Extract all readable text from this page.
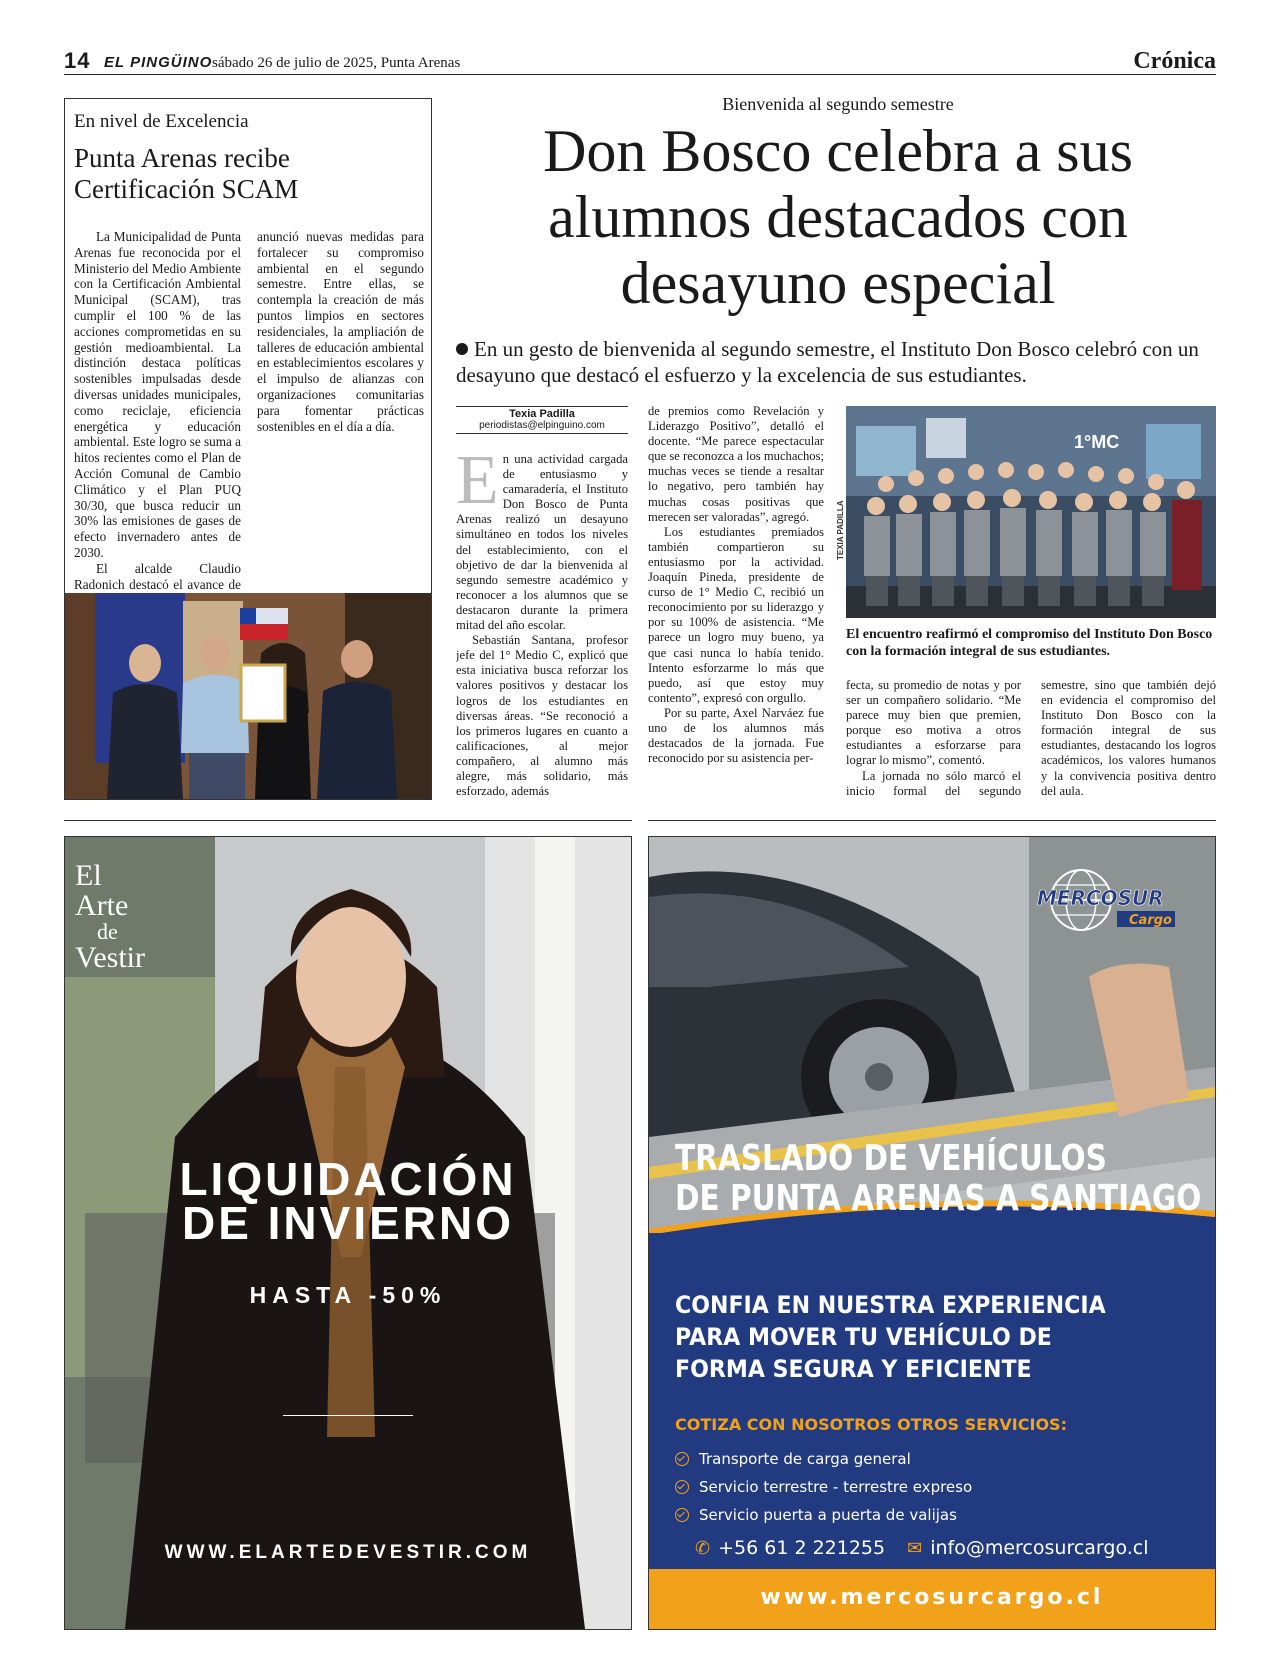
14 EL PINGÜINO sábado 26 de julio de 2025, Punta Arenas	Crónica
En nivel de Excelencia
Punta Arenas recibe Certificación SCAM

La Municipalidad de Punta Arenas fue reconocida por el Ministerio del Medio Ambiente con la Certificación Ambiental Municipal (SCAM), tras cumplir el 100 % de las acciones comprometidas en su gestión medioambiental. La distinción destaca políticas sostenibles impulsadas desde diversas unidades municipales, como reciclaje, eficiencia energética y educación ambiental. Este logro se suma a hitos recientes como el Plan de Acción Comunal de Cambio Climático y el Plan PUQ 30/30, que busca reducir un 30% las emisiones de gases de efecto invernadero antes de 2030.

El alcalde Claudio Radonich destacó el avance de

anunció nuevas medidas para fortalecer su compromiso ambiental en el segundo semestre. Entre ellas, se contempla la creación de más puntos limpios en sectores residenciales, la ampliación de talleres de educación ambiental en establecimientos escolares y el impulso de alianzas con organizaciones comunitarias para fomentar prácticas sostenibles en el día a día.

Bienvenida al segundo semestre
Don Bosco celebra a sus alumnos destacados con desayuno especial
En un gesto de bienvenida al segundo semestre, el Instituto Don Bosco celebró con un desayuno que destacó el esfuerzo y la excelencia de sus estudiantes.
Texia Padilla
periodistas@elpinguino.com

En una actividad cargada de entusiasmo y camaradería, el Instituto Don Bosco de Punta Arenas realizó un desayuno simultáneo en todos los niveles del establecimiento, con el objetivo de dar la bienvenida al segundo semestre académico y reconocer a los alumnos que se destacaron durante la primera mitad del año escolar.

Sebastián Santana, profesor jefe del 1° Medio C, explicó que esta iniciativa busca reforzar los valores positivos y destacar los logros de los estudiantes en diversas áreas. “Se reconoció a los primeros lugares en cuanto a calificaciones, al mejor compañero, al alumno más alegre, más solidario, más esforzado, además

de premios como Revelación y Liderazgo Positivo”, detalló el docente. “Me parece espectacular que se reconozca a los muchachos; muchas veces se tiende a resaltar lo negativo, pero también hay muchas cosas positivas que merecen ser valoradas”, agregó.

Los estudiantes premiados también compartieron su entusiasmo por la actividad. Joaquín Pineda, presidente de curso de 1° Medio C, recibió un reconocimiento por su liderazgo y por su 100% de asistencia. “Me parece un logro muy bueno, ya que casi nunca lo había tenido. Intento esforzarme lo más que puedo, así que estoy muy contento”, expresó con orgullo.

Por su parte, Axel Narváez fue uno de los alumnos más destacados de la jornada. Fue reconocido por su asistencia per-

1°MC
TEXIA PADILLA
El encuentro reafirmó el compromiso del Instituto Don Bosco con la formación integral de sus estudiantes.

fecta, su promedio de notas y por ser un compañero solidario. “Me parece muy bien que premien, porque eso motiva a otros estudiantes a esforzarse para lograr lo mismo”, comentó.

La jornada no sólo marcó el inicio formal del segundo semestre, sino que también dejó en evidencia el compromiso del Instituto Don Bosco con la formación integral de sus estudiantes, destacando los logros académicos, los valores humanos y la convivencia positiva dentro del aula.

El
Arte
de
Vestir
LIQUIDACIÓN
DE INVIERNO
HASTA -50%
WWW.ELARTEDEVESTIR.COM
MERCOSUR
Cargo
TRASLADO DE VEHÍCULOS
DE PUNTA ARENAS A SANTIAGO
CONFIA EN NUESTRA EXPERIENCIA
PARA MOVER TU VEHÍCULO DE
FORMA SEGURA Y EFICIENTE
COTIZA CON NOSOTROS OTROS SERVICIOS:
Transporte de carga general
Servicio terrestre - terrestre expreso
Servicio puerta a puerta de valijas
✆ +56 61 2 221255 ✉ info@mercosurcargo.cl
www.mercosurcargo.cl
